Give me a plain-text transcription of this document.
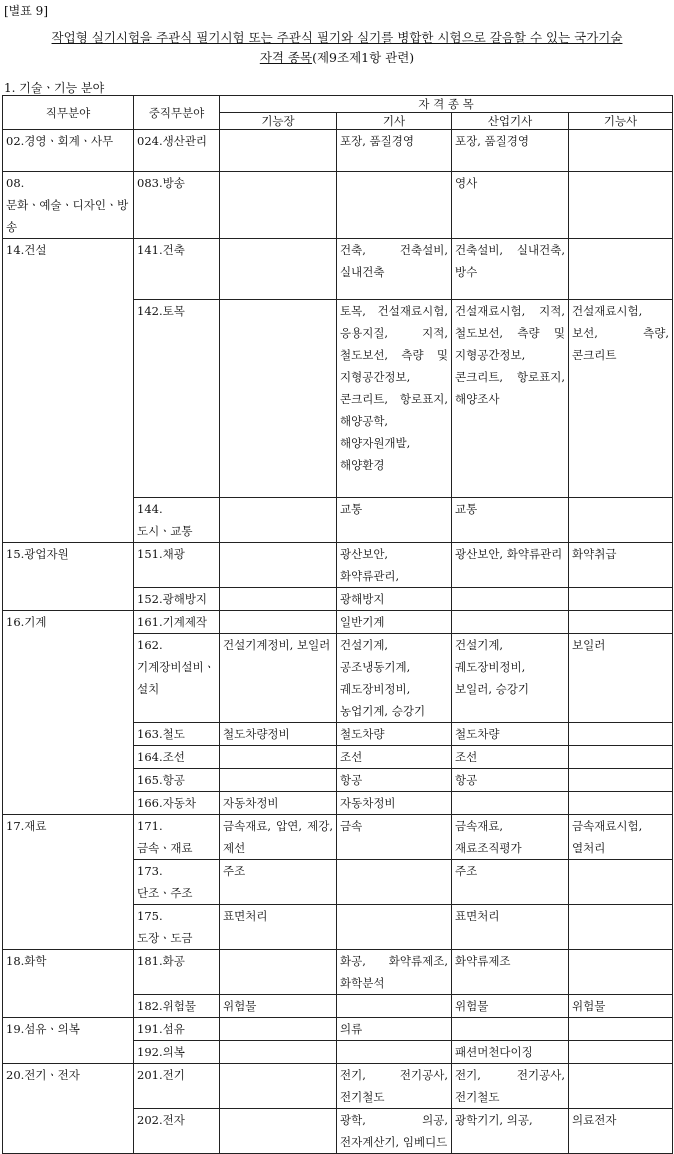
[별표 9]
작업형 실기시험을 주관식 필기시험 또는 주관식 필기와 실기를 병합한 시험으로 갈음할 수 있는 국가기술
자격 종목(제9조제1항 관련)
1. 기술ㆍ기능 분야
직무분야	중직무분야	자 격 종 목			
		기능장	기사	산업기사	기능사
02.경영ㆍ회계ㆍ사무	024.생산관리		포장, 품질경영	포장, 품질경영	
08.문화ㆍ예술ㆍ디자인ㆍ방송	083.방송			영사	
14.건설	141.건축		건축, 건축설비, 실내건축	건축설비, 실내건축, 방수	
	142.토목		토목, 건설재료시험, 응용지질, 지적, 철도보선, 측량 및 지형공간정보, 콘크리트, 항로표지, 해양공학, 해양자원개발, 해양환경	건설재료시험, 지적, 철도보선, 측량 및 지형공간정보, 콘크리트, 항로표지, 해양조사	건설재료시험, 보선, 측량, 콘크리트
	144.도시ㆍ교통		교통	교통	
15.광업자원	151.채광		광산보안, 화약류관리,	광산보안, 화약류관리	화약취급
	152.광해방지		광해방지		
16.기계	161.기계제작		일반기계		
	162.기계장비설비ㆍ설치	건설기계정비, 보일러	건설기계, 공조냉동기계, 궤도장비정비, 농업기계, 승강기	건설기계, 궤도장비정비, 보일러, 승강기	보일러
	163.철도	철도차량정비	철도차량	철도차량	
	164.조선		조선	조선	
	165.항공		항공	항공	
	166.자동차	자동차정비	자동차정비		
17.재료	171.금속ㆍ재료	금속재료, 압연, 제강, 제선	금속	금속재료, 재료조직평가	금속재료시험, 열처리
	173.단조ㆍ주조	주조		주조	
	175.도장ㆍ도금	표면처리		표면처리	
18.화학	181.화공		화공, 화약류제조, 화학분석	화약류제조	
	182.위험물	위험물		위험물	위험물
19.섬유ㆍ의복	191.섬유		의류		
	192.의복			패션머천다이징	
20.전기ㆍ전자	201.전기		전기, 전기공사, 전기철도	전기, 전기공사, 전기철도	
	202.전자		광학, 의공, 전자계산기, 임베디드	광학기기, 의공,	의료전자
